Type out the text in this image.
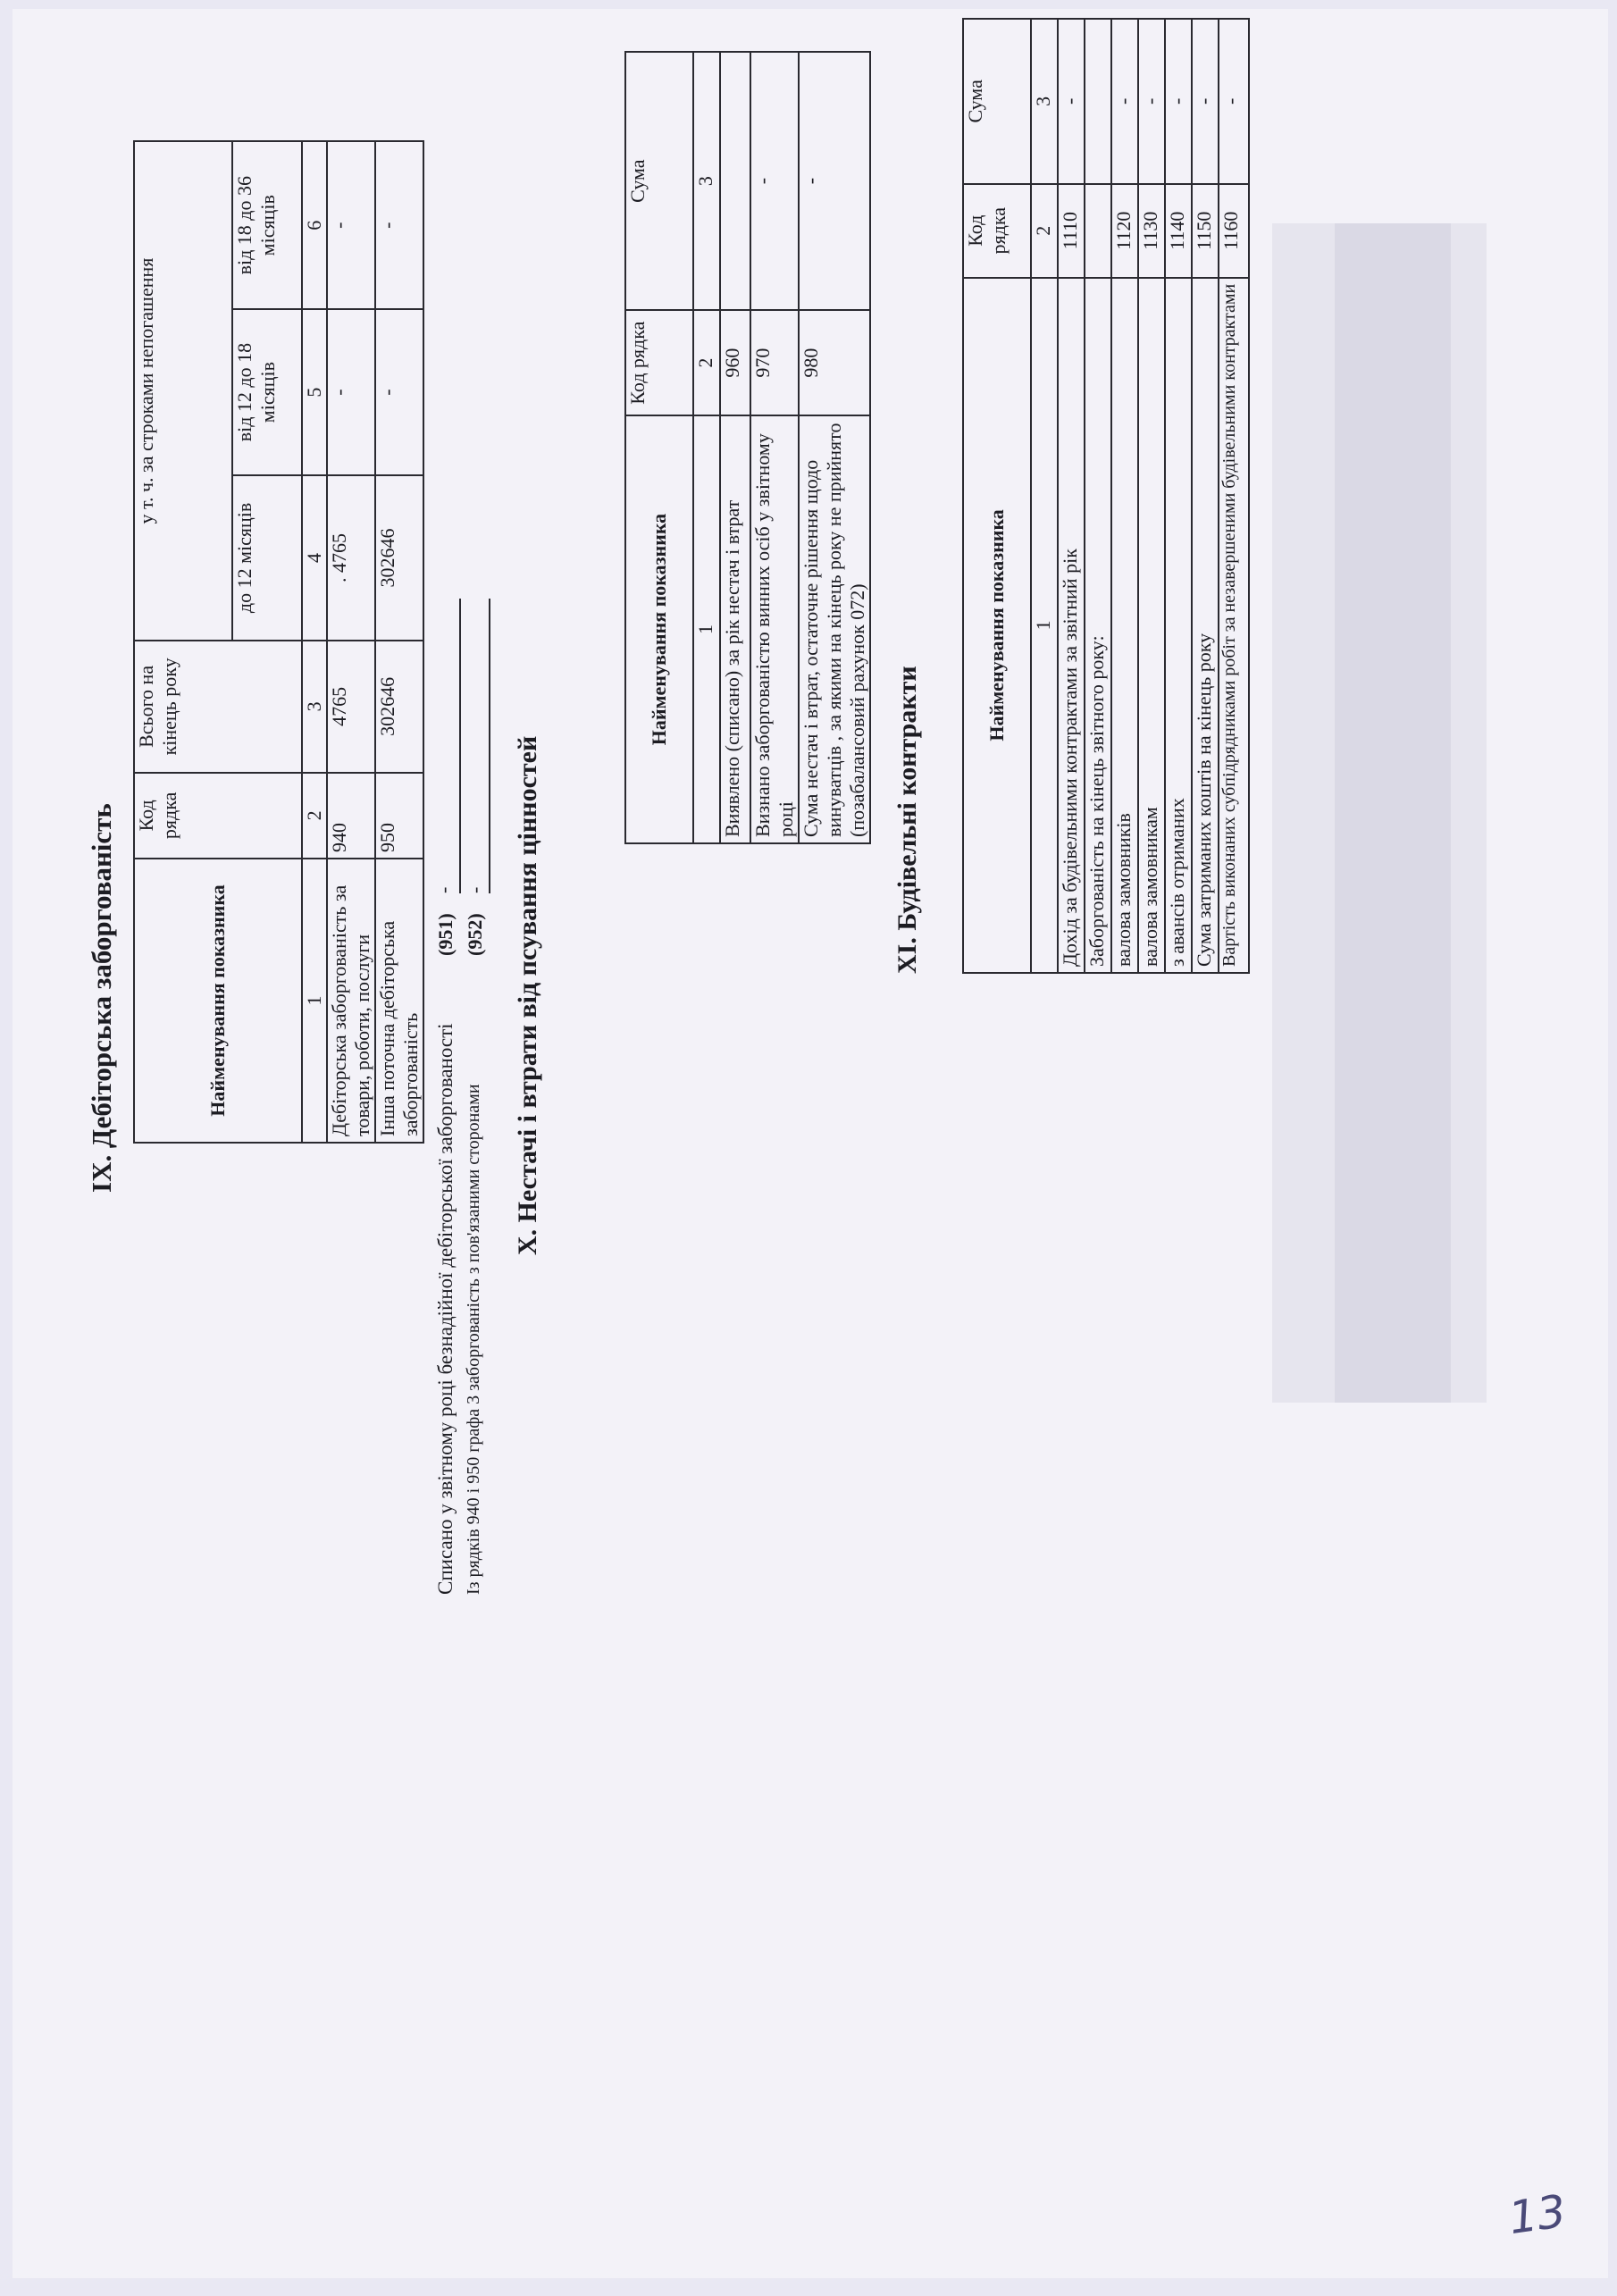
IX. Дебіторська заборгованість	Найменування показника	Код рядка	Всього на кінець року	у т. ч. за строками непогашення		
			до 12 місяців	від 12 до 18 місяців	від 18 до 36 місяців
1	2	3	4	5	6
Дебіторська заборгованість за товари, роботи, послуги	940	4765	. 4765	-	-
Інша поточна дебіторська заборгованість	950	302646	302646	-	-
Списано у звітному році безнадійної дебіторської заборгованості
(951)
-
Із рядків 940 і 950 графа 3 заборгованість з пов'язаними сторонами
(952)
- X. Нестачі і втрати від псування цінностей
Найменування показника	Код рядка	Сума
1	2	3
Виявлено (списано) за рік нестач і втрат	960	
Визнано заборгованістю винних осіб у звітному році	970	-
Сума нестач і втрат, остаточне рішення щодо винуватців , за якими на кінець року не прийнято (позабалансовий рахунок 072)	980	-
XI. Будівельні контракти
Найменування показника	Код рядка	Сума
1	2	3
Дохід за будівельними контрактами за звітний рік	1110	-
Заборгованість на кінець звітного року:		
валова замовників	1120	-
валова замовникам	1130	-
з авансів отриманих	1140	-
Сума затриманих коштів на кінець року	1150	-
Вартість виконаних субпідрядниками робіт за незавершеними будівельними контрактами	1160	-
13
